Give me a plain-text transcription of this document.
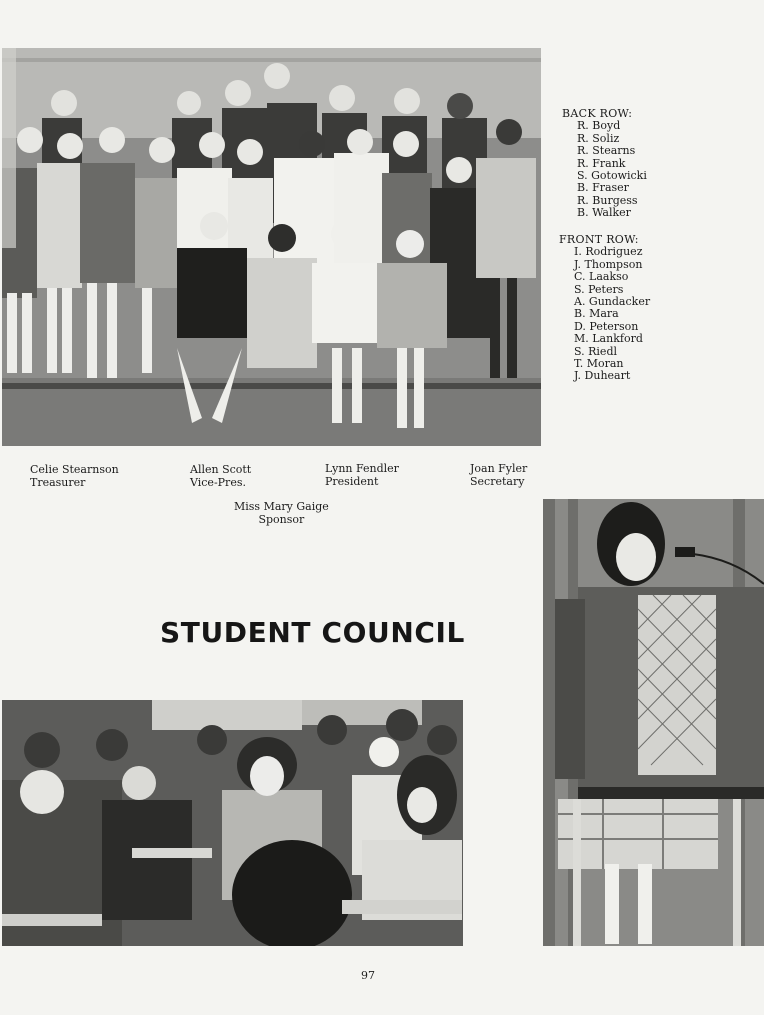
BACK ROW:
R. Boyd
R. Soliz
R. Stearns
R. Frank
S. Gotowicki
B. Fraser
R. Burgess
B. Walker
FRONT ROW:
I. Rodriguez
J. Thompson
C. Laakso
S. Peters
A. Gundacker
B. Mara
D. Peterson
M. Lankford
S. Riedl
T. Moran
J. Duheart
Celie Stearnson
Treasurer
Allen Scott
Vice-Pres.
Lynn Fendler
President
Joan Fyler
Secretary
Miss Mary Gaige
Sponsor
STUDENT COUNCIL
97
